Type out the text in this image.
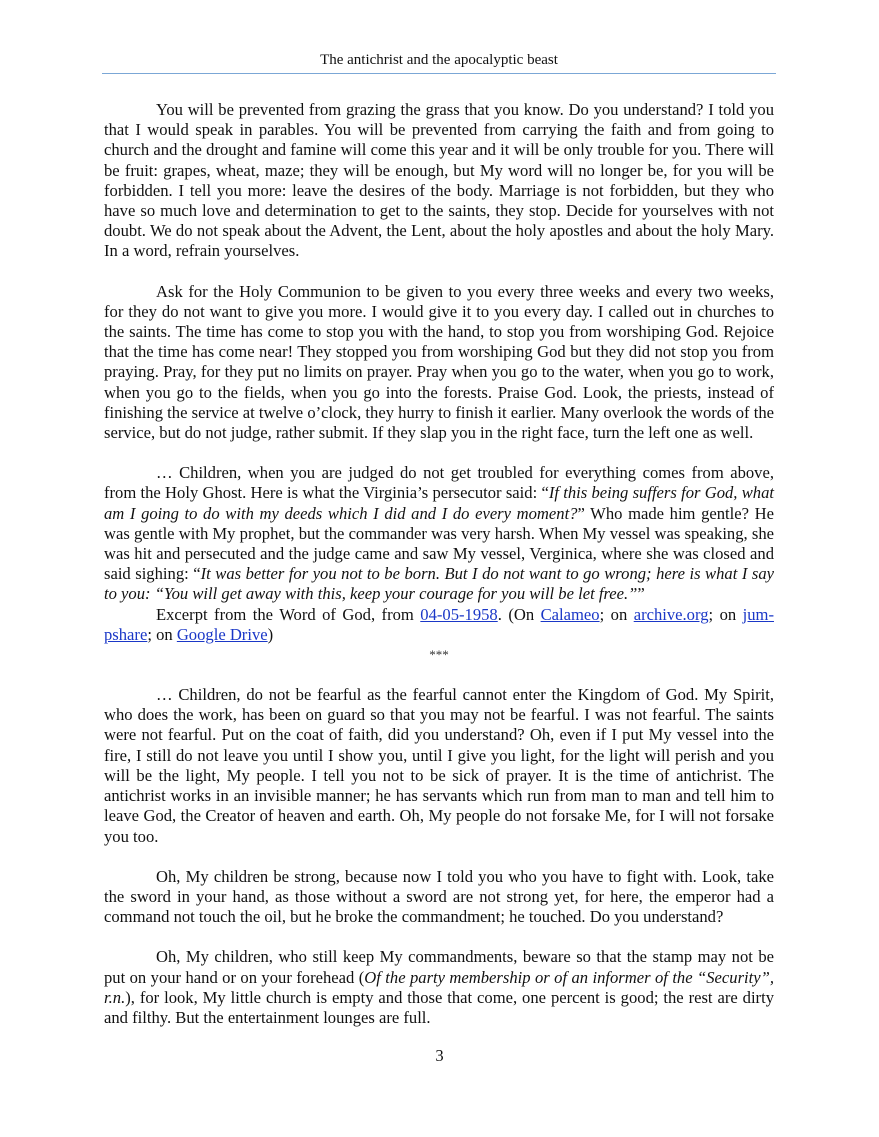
The antichrist and the apocalyptic beast

You will be prevented from grazing the grass that you know. Do you understand? I told you that I would speak in parables. You will be prevented from carrying the faith and from going to church and the drought and famine will come this year and it will be only trouble for you. There will be fruit: grapes, wheat, maze; they will be enough, but My word will no longer be, for you will be forbidden. I tell you more: leave the desires of the body. Marriage is not forbidden, but they who have so much love and determination to get to the saints, they stop. Decide for yourselves with not doubt. We do not speak about the Advent, the Lent, about the holy apostles and about the holy Mary. In a word, refrain yourselves.

Ask for the Holy Communion to be given to you every three weeks and every two weeks, for they do not want to give you more. I would give it to you every day. I called out in churches to the saints. The time has come to stop you with the hand, to stop you from worshiping God. Rejoice that the time has come near! They stopped you from worshiping God but they did not stop you from praying. Pray, for they put no limits on prayer. Pray when you go to the water, when you go to work, when you go to the fields, when you go into the forests. Praise God. Look, the priests, instead of finishing the service at twelve o’clock, they hurry to finish it earlier. Many overlook the words of the service, but do not judge, rather submit. If they slap you in the right face, turn the left one as well.

… Children, when you are judged do not get troubled for everything comes from above, from the Holy Ghost. Here is what the Virginia’s persecutor said: “If this being suffers for God, what am I going to do with my deeds which I did and I do every moment?” Who made him gentle? He was gentle with My prophet, but the commander was very harsh. When My vessel was speaking, she was hit and persecuted and the judge came and saw My vessel, Verginica, where she was closed and said sighing: “It was better for you not to be born. But I do not want to go wrong; here is what I say to you: “You will get away with this, keep your courage for you will be let free.””

Excerpt from the Word of God, from 04-05-1958. (On Calameo; on archive.org; on jumpshare; on Google Drive)

***

… Children, do not be fearful as the fearful cannot enter the Kingdom of God. My Spirit, who does the work, has been on guard so that you may not be fearful. I was not fearful. The saints were not fearful. Put on the coat of faith, did you understand? Oh, even if I put My vessel into the fire, I still do not leave you until I show you, until I give you light, for the light will perish and you will be the light, My people. I tell you not to be sick of prayer. It is the time of antichrist. The antichrist works in an invisible manner; he has servants which run from man to man and tell him to leave God, the Creator of heaven and earth. Oh, My people do not forsake Me, for I will not forsake you too.

Oh, My children be strong, because now I told you who you have to fight with. Look, take the sword in your hand, as those without a sword are not strong yet, for here, the emperor had a command not touch the oil, but he broke the commandment; he touched. Do you understand?

Oh, My children, who still keep My commandments, beware so that the stamp may not be put on your hand or on your forehead (Of the party membership or of an informer of the “Security”, r.n.), for look, My little church is empty and those that come, one percent is good; the rest are dirty and filthy. But the entertainment lounges are full.

3
